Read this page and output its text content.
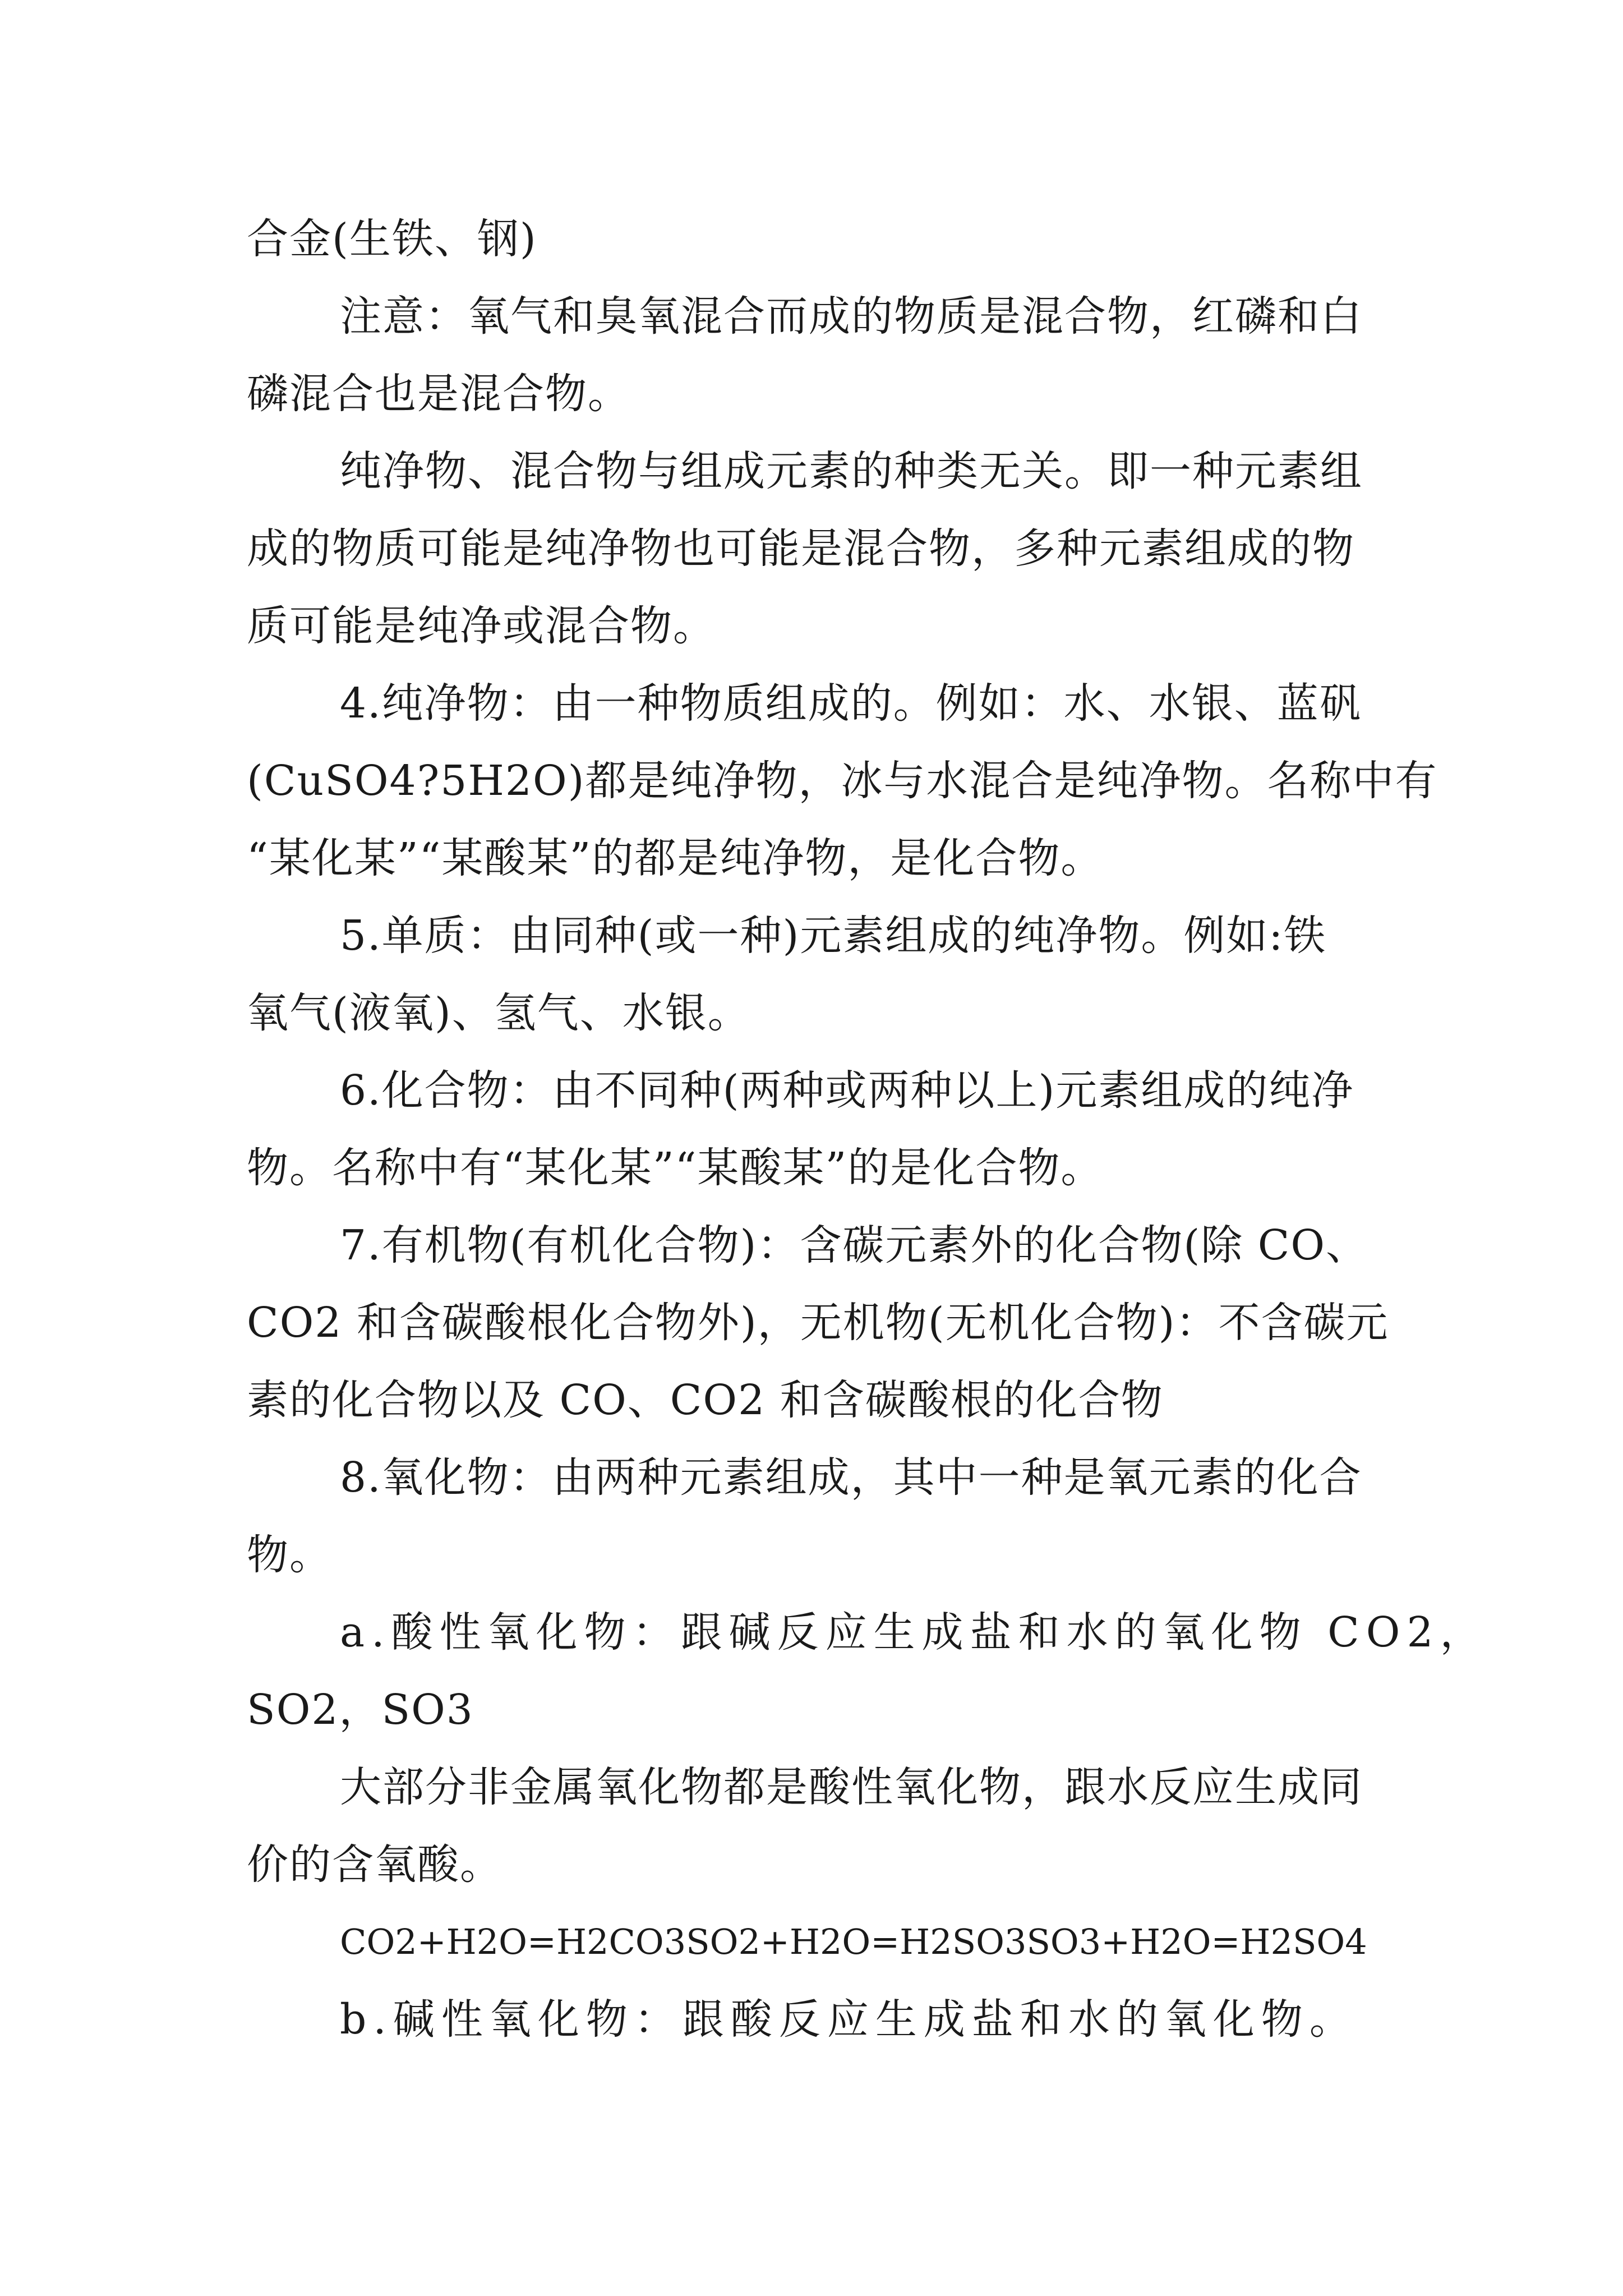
合金(生铁、钢)
注意：氧气和臭氧混合而成的物质是混合物，红磷和白
磷混合也是混合物。
纯净物、混合物与组成元素的种类无关。即一种元素组
成的物质可能是纯净物也可能是混合物，多种元素组成的物
质可能是纯净或混合物。
4.纯净物：由一种物质组成的。例如：水、水银、蓝矾
(CuSO4?5H2O)都是纯净物，冰与水混合是纯净物。名称中有
“某化某”“某酸某”的都是纯净物，是化合物。
5.单质：由同种(或一种)元素组成的纯净物。例如:铁
氧气(液氧)、氢气、水银。
6.化合物：由不同种(两种或两种以上)元素组成的纯净
物。名称中有“某化某”“某酸某”的是化合物。
7.有机物(有机化合物)：含碳元素外的化合物(除 CO、
CO2 和含碳酸根化合物外)，无机物(无机化合物)：不含碳元
素的化合物以及 CO、CO2 和含碳酸根的化合物
8.氧化物：由两种元素组成，其中一种是氧元素的化合
物。
a.酸性氧化物：跟碱反应生成盐和水的氧化物 CO2，
SO2，SO3
大部分非金属氧化物都是酸性氧化物，跟水反应生成同
价的含氧酸。
CO2+H2O=H2CO3SO2+H2O=H2SO3SO3+H2O=H2SO4
b.碱性氧化物：跟酸反应生成盐和水的氧化物。
